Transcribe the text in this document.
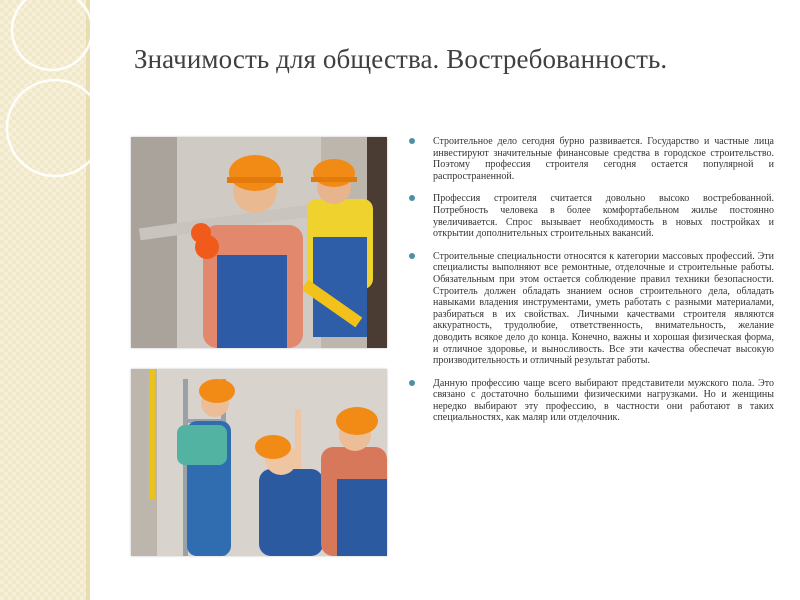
Значимость для общества. Востребованность.
Строительное дело сегодня бурно развивается. Государство и частные лица инвестируют значительные финансовые средства в городское строительство. Поэтому профессия строителя сегодня остается популярной и распространенной.
Профессия строителя считается довольно высоко востребованной. Потребность человека в более комфортабельном жилье постоянно увеличивается. Спрос вызывает необходимость в новых постройках и открытии дополнительных строительных вакансий.
Строительные специальности относятся к категории массовых профессий. Эти специалисты выполняют все ремонтные, отделочные и строительные работы. Обязательным при этом остается соблюдение правил техники безопасности. Строитель должен обладать знанием основ строительного дела, обладать навыками владения инструментами, уметь работать с разными материалами, разбираться в их свойствах. Личными качествами строителя являются аккуратность, трудолюбие, ответственность, внимательность, желание доводить всякое дело до конца. Конечно, важны и хорошая физическая форма, и отличное здоровье, и выносливость. Все эти качества обеспечат высокую производительность и отличный результат работы.
Данную профессию чаще всего выбирают представители мужского пола. Это связано с достаточно большими физическими нагрузками. Но и женщины нередко выбирают эту профессию, в частности они работают в таких специальностях, как маляр или отделочник.
